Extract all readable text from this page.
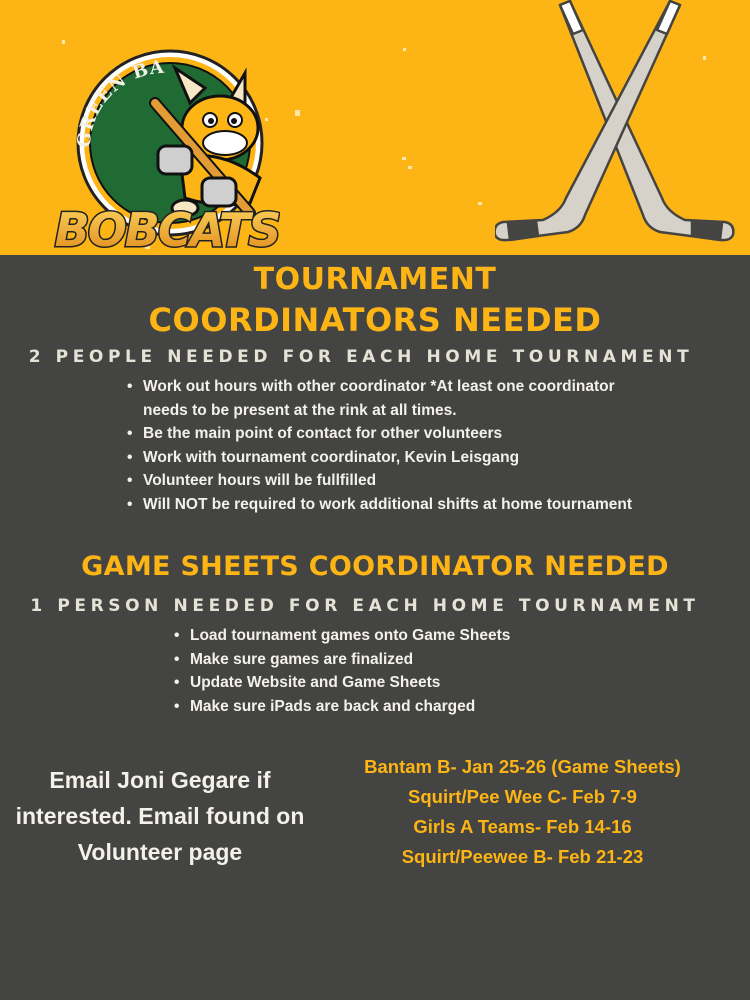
GREEN BA
BOBCATS
TOURNAMENT
COORDINATORS NEEDED
2 PEOPLE NEEDED FOR EACH HOME TOURNAMENT
• Work out hours with other coordinator *At least one coordinator needs to be present at the rink at all times.
• Be the main point of contact for other volunteers
• Work with tournament coordinator, Kevin Leisgang
• Volunteer hours will be fullfilled
• Will NOT be required to work additional shifts at home tournament
GAME SHEETS COORDINATOR NEEDED
1 PERSON NEEDED FOR EACH HOME TOURNAMENT
• Load tournament games onto Game Sheets
• Make sure games are finalized
• Update Website and Game Sheets
• Make sure iPads are back and charged
Email Joni Gegare if interested. Email found on Volunteer page
Bantam B- Jan 25-26 (Game Sheets)
Squirt/Pee Wee C- Feb 7-9
Girls A Teams- Feb 14-16
Squirt/Peewee B- Feb 21-23
